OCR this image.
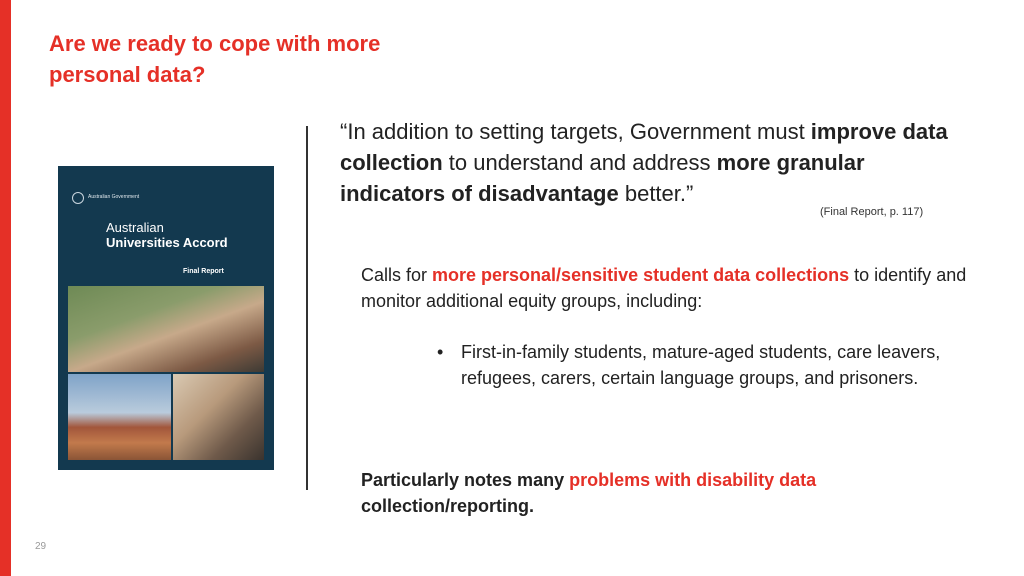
Are we ready to cope with more personal data?
Australian Government
Australian
Universities Accord
Final Report
“In addition to setting targets, Government must improve data collection to understand and address more granular indicators of disadvantage better.”
(Final Report, p. 117)
Calls for more personal/sensitive student data collections to identify and monitor additional equity groups, including:
• First-in-family students, mature-aged students, care leavers, refugees, carers, certain language groups, and prisoners.
Particularly notes many problems with disability data collection/reporting.
29
